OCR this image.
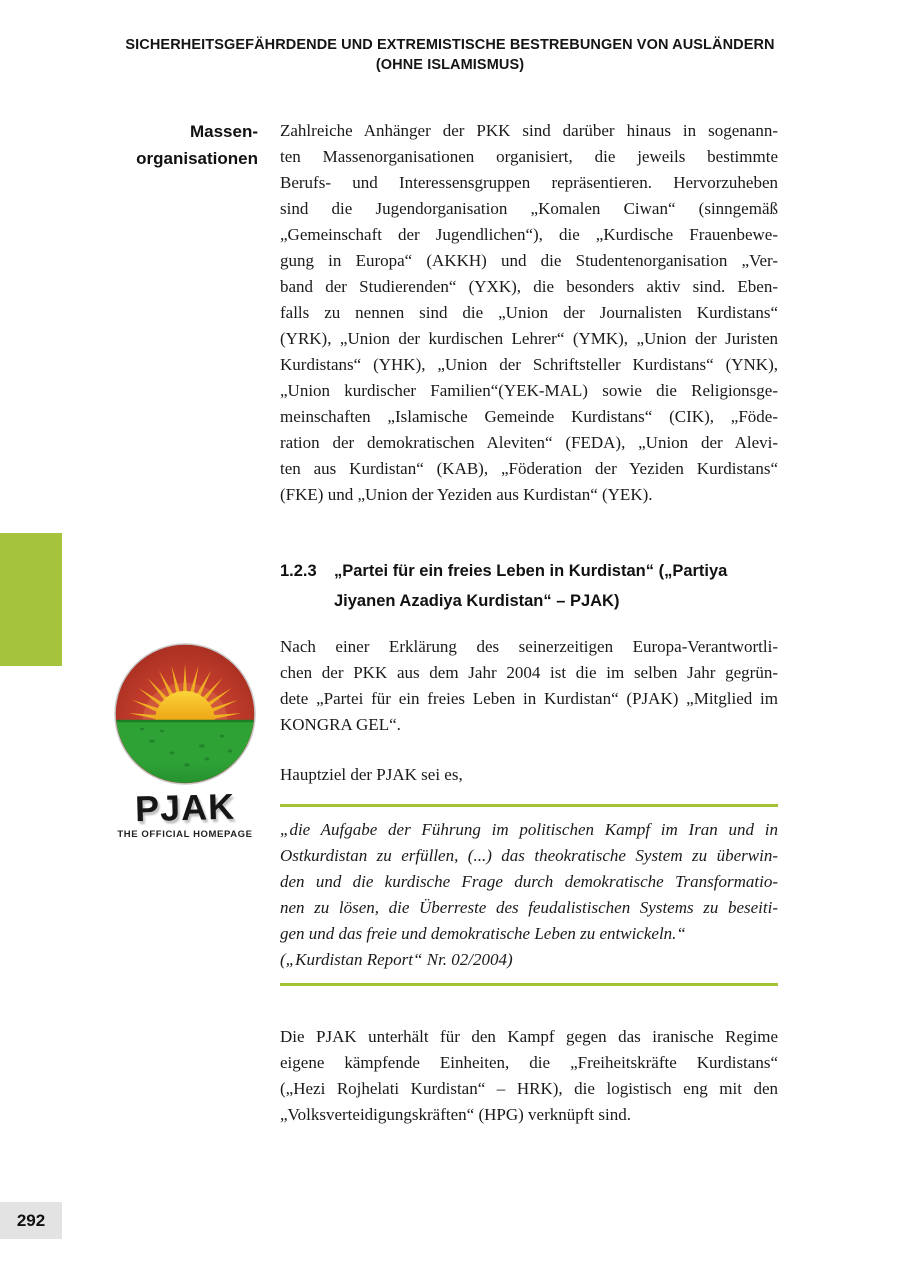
SICHERHEITSGEFÄHRDENDE UND EXTREMISTISCHE BESTREBUNGEN VON AUSLÄNDERN
(OHNE ISLAMISMUS)
Massen-
organisationen
Zahlreiche Anhänger der PKK sind darüber hinaus in sogenann-
ten Massenorganisationen organisiert, die jeweils bestimmte
Berufs- und Interessensgruppen repräsentieren. Hervorzuheben
sind die Jugendorganisation „Komalen Ciwan“ (sinngemäß
„Gemeinschaft der Jugendlichen“), die „Kurdische Frauenbewe-
gung in Europa“ (AKKH) und die Studentenorganisation „Ver-
band der Studierenden“ (YXK), die besonders aktiv sind. Eben-
falls zu nennen sind die „Union der Journalisten Kurdistans“
(YRK), „Union der kurdischen Lehrer“ (YMK), „Union der Juristen
Kurdistans“ (YHK), „Union der Schriftsteller Kurdistans“ (YNK),
„Union kurdischer Familien“(YEK-MAL) sowie die Religionsge-
meinschaften „Islamische Gemeinde Kurdistans“ (CIK), „Föde-
ration der demokratischen Aleviten“ (FEDA), „Union der Alevi-
ten aus Kurdistan“ (KAB), „Föderation der Yeziden Kurdistans“
(FKE) und „Union der Yeziden aus Kurdistan“ (YEK).
1.2.3	„Partei für ein freies Leben in Kurdistan“ („Partiya
Jiyanen Azadiya Kurdistan“ – PJAK)
PJAK
THE OFFICIAL HOMEPAGE
Nach einer Erklärung des seinerzeitigen Europa-Verantwortli-
chen der PKK aus dem Jahr 2004 ist die im selben Jahr gegrün-
dete „Partei für ein freies Leben in Kurdistan“ (PJAK) „Mitglied im
KONGRA GEL“.
Hauptziel der PJAK sei es,
„die Aufgabe der Führung im politischen Kampf im Iran und in
Ostkurdistan zu erfüllen, (...) das theokratische System zu überwin-
den und die kurdische Frage durch demokratische Transformatio-
nen zu lösen, die Überreste des feudalistischen Systems zu beseiti-
gen und das freie und demokratische Leben zu entwickeln.“
(„Kurdistan Report“ Nr. 02/2004)
Die PJAK unterhält für den Kampf gegen das iranische Regime
eigene kämpfende Einheiten, die „Freiheitskräfte Kurdistans“
(„Hezi Rojhelati Kurdistan“ – HRK), die logistisch eng mit den
„Volksverteidigungskräften“ (HPG) verknüpft sind.
292
